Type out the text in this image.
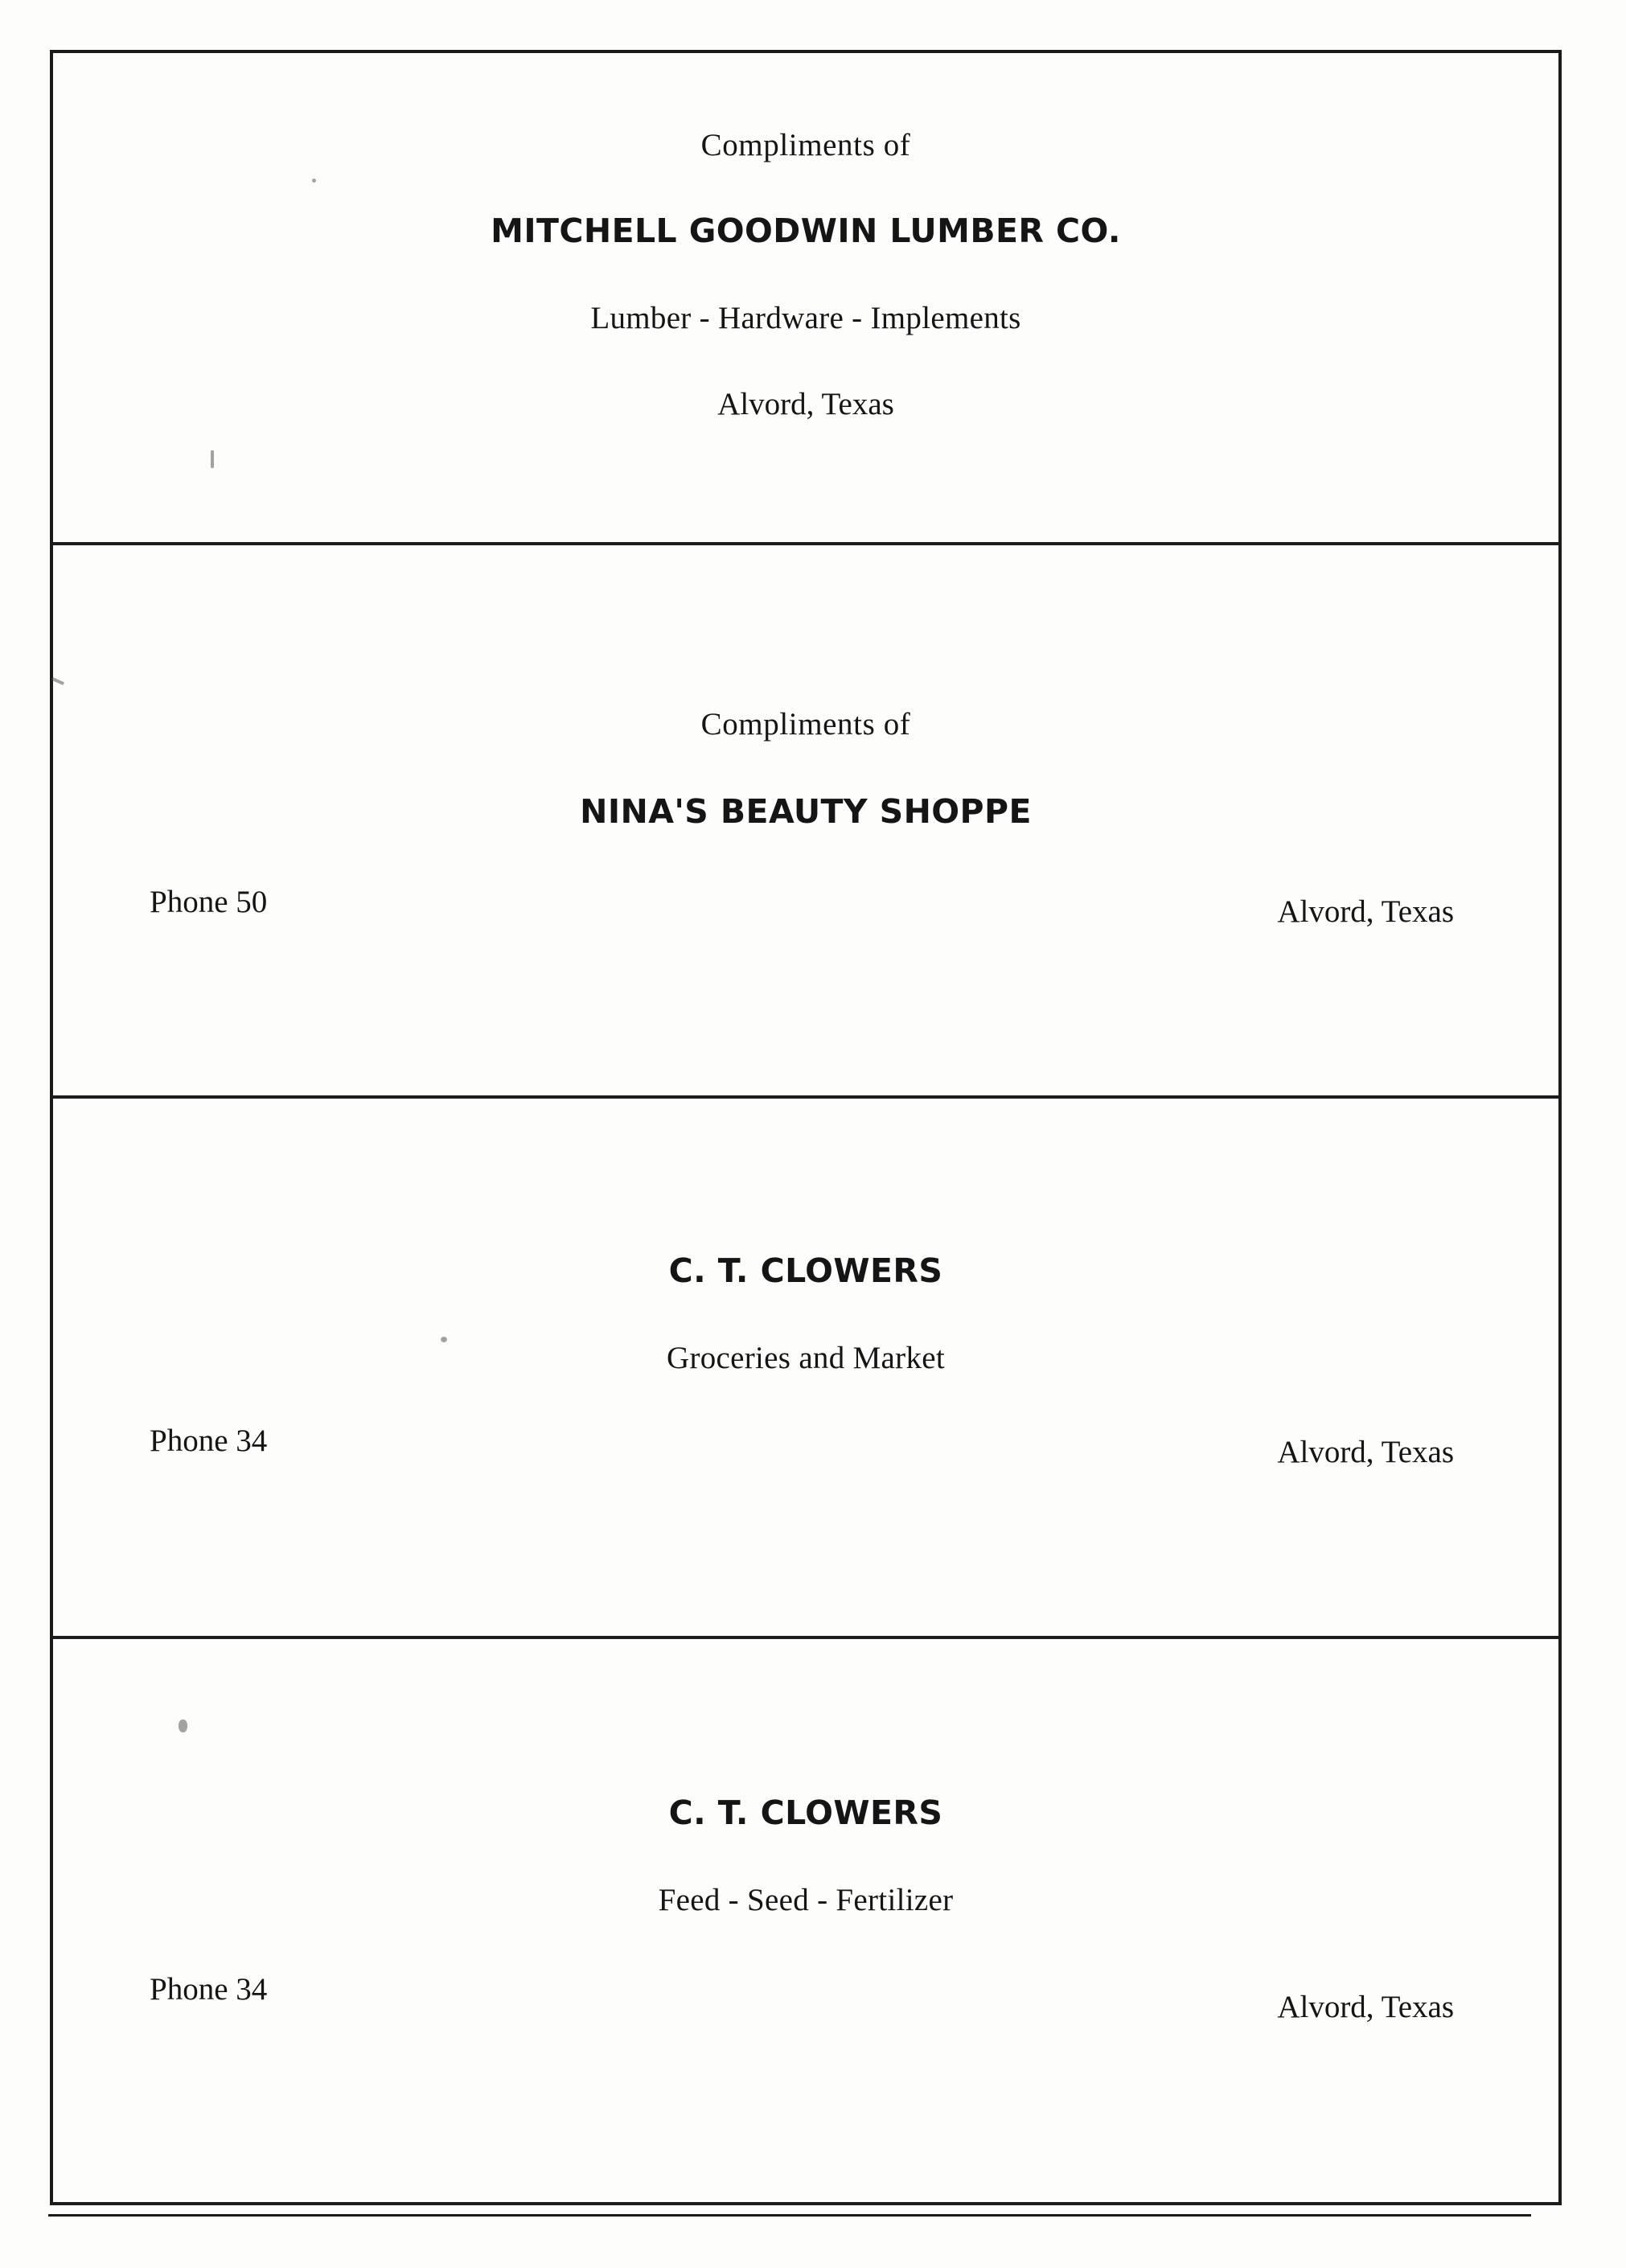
Compliments of
MITCHELL GOODWIN LUMBER CO.
Lumber - Hardware - Implements
Alvord, Texas
Compliments of
NINA'S BEAUTY SHOPPE
Phone 50	Alvord, Texas
C. T. CLOWERS
Groceries and Market
Phone 34	Alvord, Texas
C. T. CLOWERS
Feed - Seed - Fertilizer
Phone 34
Alvord, Texas
